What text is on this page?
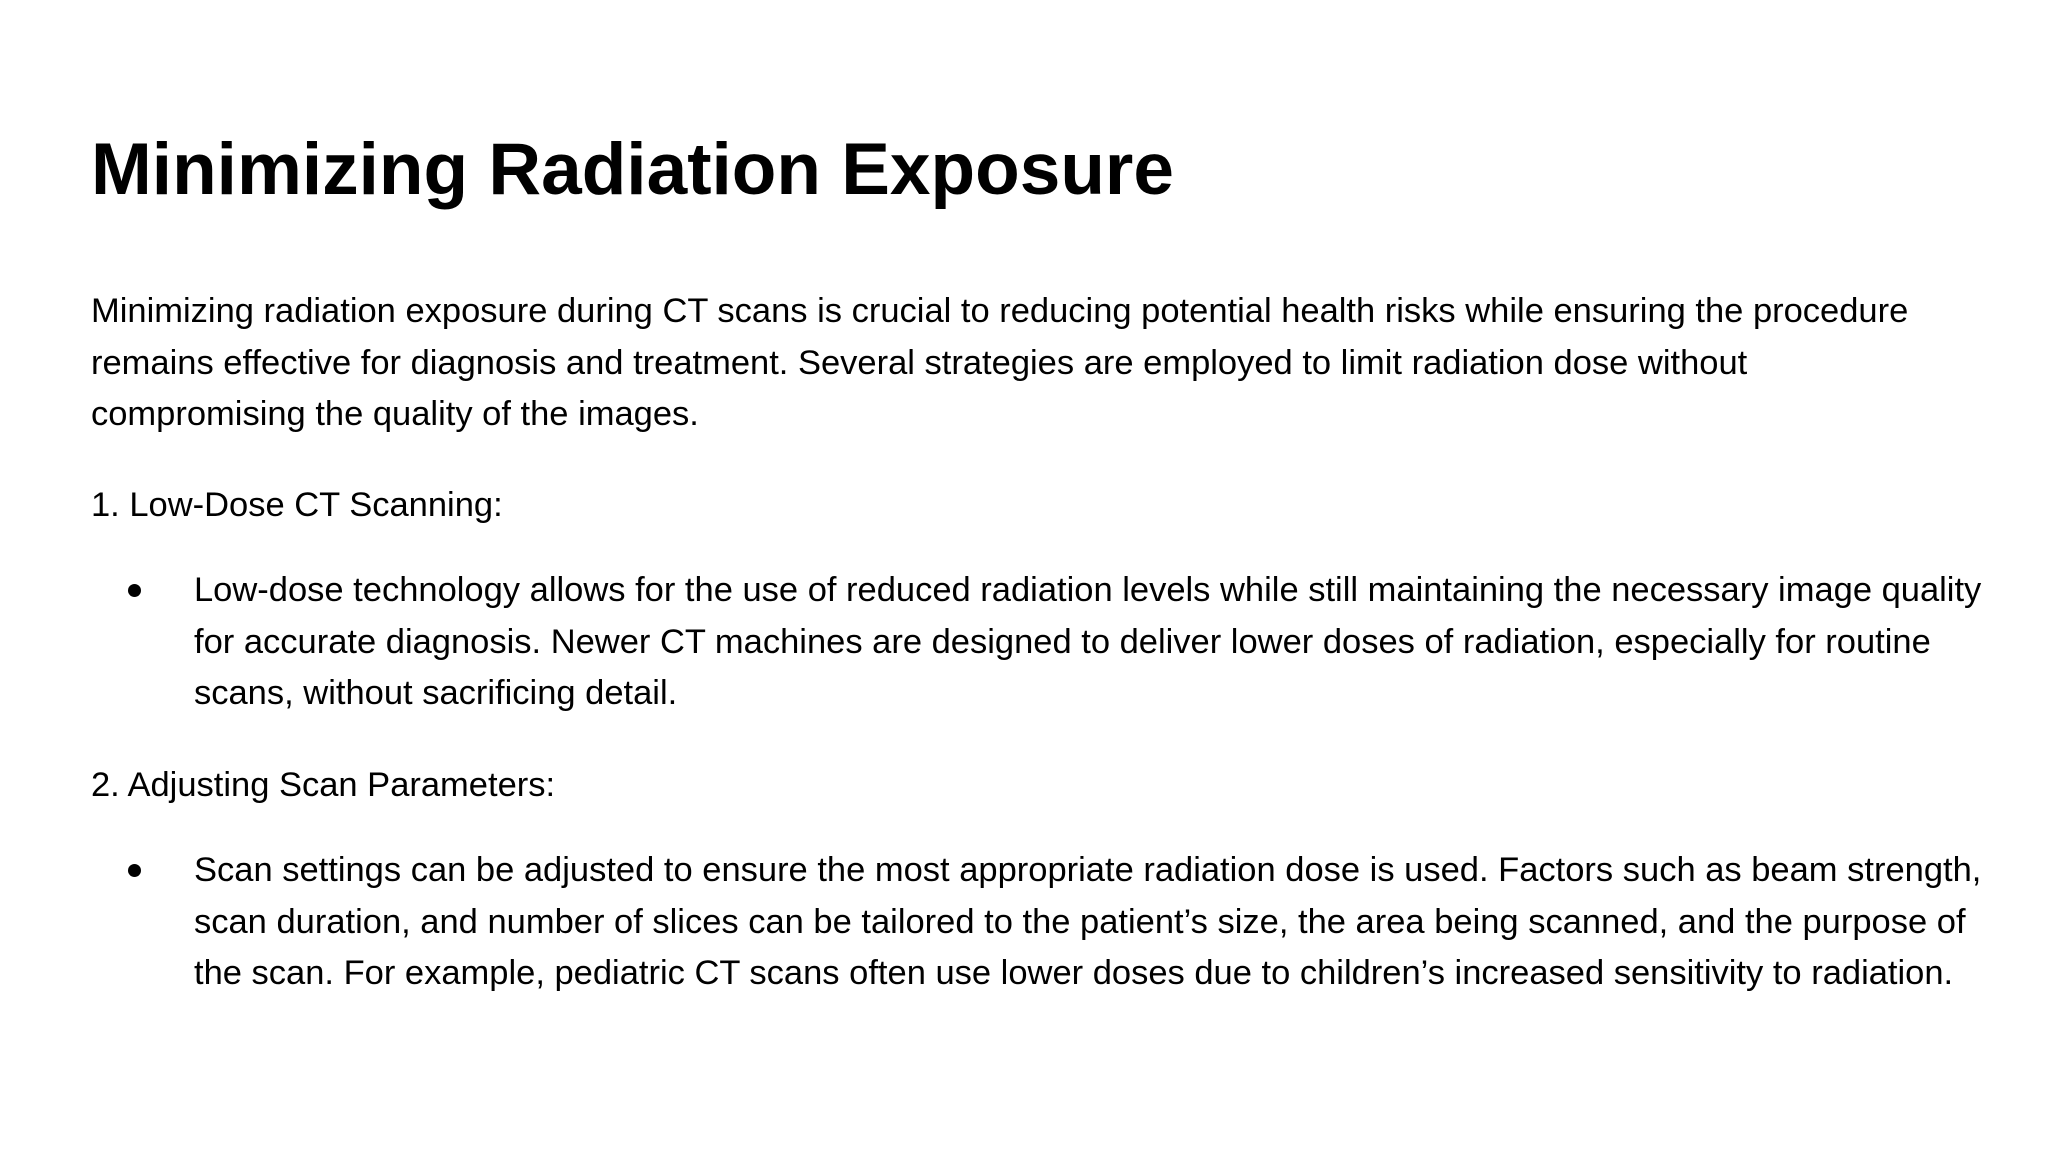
Minimizing Radiation Exposure

Minimizing radiation exposure during CT scans is crucial to reducing potential health risks while ensuring the procedure remains effective for diagnosis and treatment. Several strategies are employed to limit radiation dose without compromising the quality of the images.

1. Low-Dose CT Scanning:

Low-dose technology allows for the use of reduced radiation levels while still maintaining the necessary image quality for accurate diagnosis. Newer CT machines are designed to deliver lower doses of radiation, especially for routine scans, without sacrificing detail.

2. Adjusting Scan Parameters:

Scan settings can be adjusted to ensure the most appropriate radiation dose is used. Factors such as beam strength, scan duration, and number of slices can be tailored to the patient’s size, the area being scanned, and the purpose of the scan. For example, pediatric CT scans often use lower doses due to children’s increased sensitivity to radiation.
